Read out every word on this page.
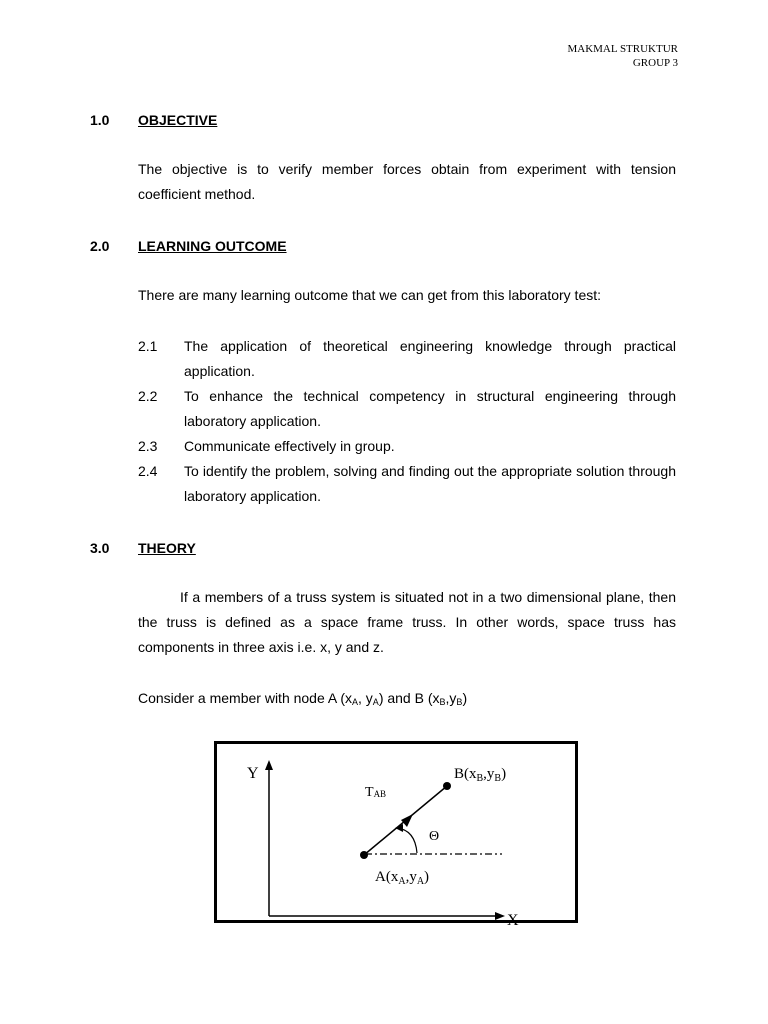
MAKMAL STRUKTUR
GROUP 3
1.0 OBJECTIVE
The objective is to verify member forces obtain from experiment with tension coefficient method.
2.0 LEARNING OUTCOME
There are many learning outcome that we can get from this laboratory test:
2.1	The application of theoretical engineering knowledge through practical application.
2.2	To enhance the technical competency in structural engineering through laboratory application.
2.3	Communicate effectively in group.
2.4	To identify the problem, solving and finding out the appropriate solution through laboratory application.
3.0 THEORY
If a members of a truss system is situated not in a two dimensional plane, then the truss is defined as a space frame truss. In other words, space truss has components in three axis i.e. x, y and z.
Consider a member with node A ($x_A$, $y_A$) and B $(x_B,y_B)$
Y
X
TAB
Θ
$B(x_B,y_B)$
$A(x_A,y_A)$
